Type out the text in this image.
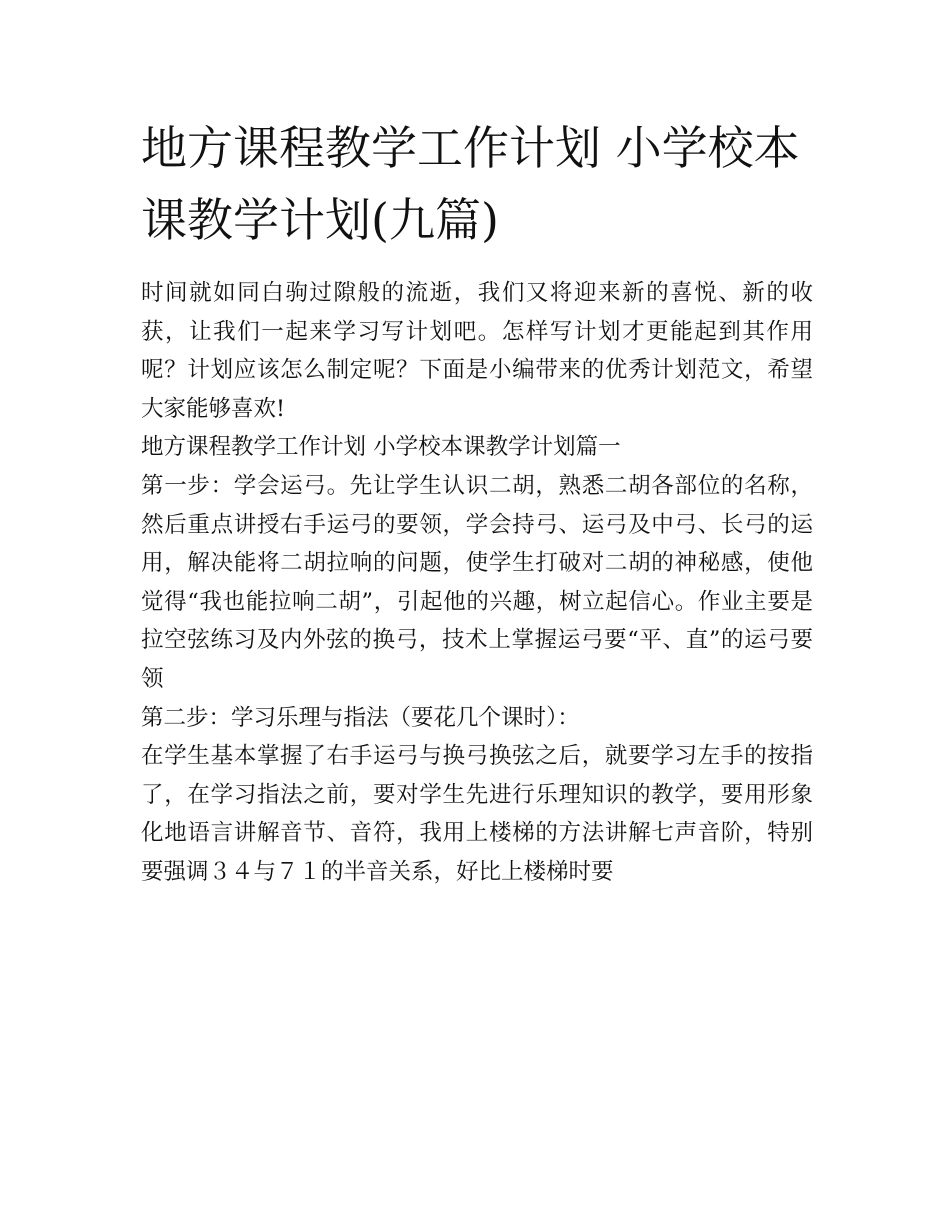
地方课程教学工作计划 小学校本课教学计划(九篇)

时间就如同白驹过隙般的流逝，我们又将迎来新的喜悦、新的收获，让我们一起来学习写计划吧。怎样写计划才更能起到其作用呢？计划应该怎么制定呢？下面是小编带来的优秀计划范文，希望大家能够喜欢!

地方课程教学工作计划 小学校本课教学计划篇一

第一步：学会运弓。先让学生认识二胡，熟悉二胡各部位的名称，然后重点讲授右手运弓的要领，学会持弓、运弓及中弓、长弓的运用，解决能将二胡拉响的问题，使学生打破对二胡的神秘感，使他觉得“我也能拉响二胡”，引起他的兴趣，树立起信心。作业主要是拉空弦练习及内外弦的换弓，技术上掌握运弓要“平、直”的运弓要领

第二步：学习乐理与指法（要花几个课时）：

在学生基本掌握了右手运弓与换弓换弦之后，就要学习左手的按指了，在学习指法之前，要对学生先进行乐理知识的教学，要用形象化地语言讲解音节、音符，我用上楼梯的方法讲解七声音阶，特别要强调３４与７１的半音关系，好比上楼梯时要
